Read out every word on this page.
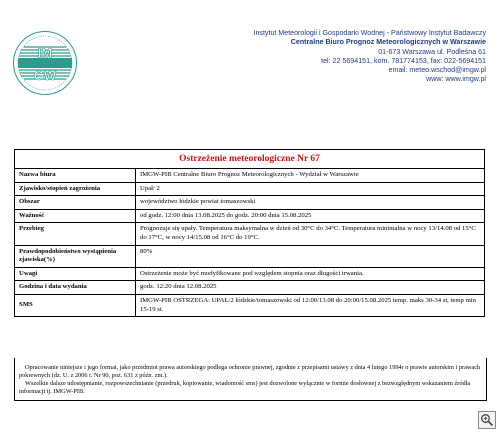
IM
GW
Instytut Meteorologii i Gospodarki Wodnej - Państwowy Instytut Badawczy
Centralne Biuro Prognoz Meteorologicznych w Warszawie
01-673 Warszawa ul. Podleśna 61
tel: 22 5694151, kom. 781774153, fax: 022-5694151
email: meteo.wschod@imgw.pl
www: www.imgw.pl
Ostrzeżenie meteorologiczne Nr 67	
Nazwa biura	IMGW-PIB Centralne Biuro Prognoz Meteorologicznych - Wydział w Warszawie
Zjawisko/stopień zagrożenia	Upał/ 2
Obszar	województwo łódzkie powiat tomaszowski
Ważność	od godz. 12:00 dnia 13.08.2025 do godz. 20:00 dnia 15.08.2025
Przebieg	Prognozuje się upały. Temperatura maksymalna w dzień od 30°C do 34°C. Temperatura minimalna w nocy 13/14.08 od 15°C do 17°C, w nocy 14/15.08 od 16°C do 19°C.
Prawdopodobieństwo wystąpienia zjawiska(%)	80%
Uwagi	Ostrzeżenie może być modyfikowane pod względem stopnia oraz długości trwania.
Godzina i data wydania	godz. 12:20 dnia 12.08.2025
SMS	IMGW-PIB OSTRZEGA: UPAŁ/2 łódzkie/tomaszowski od 12:00/13.08 do 20:00/15.08.2025 temp. maks 30-34 st, temp min 15-19 st.

Opracowanie niniejsze i jego format, jako przedmiot prawa autorskiego podlega ochronie prawnej, zgodnie z przepisami ustawy z dnia 4 lutego 1994r o prawie autorskim i prawach pokrewnych (dz. U. z 2006 r. Nr 90, poz. 631 z późn. zm.).

Wszelkie dalsze udostępnianie, rozpowszechnianie (przedruk, kopiowanie, wiadomość sms) jest dozwolone wyłącznie w formie dosłownej z bezwzględnym wskazaniem źródła informacji tj. IMGW-PIB.
